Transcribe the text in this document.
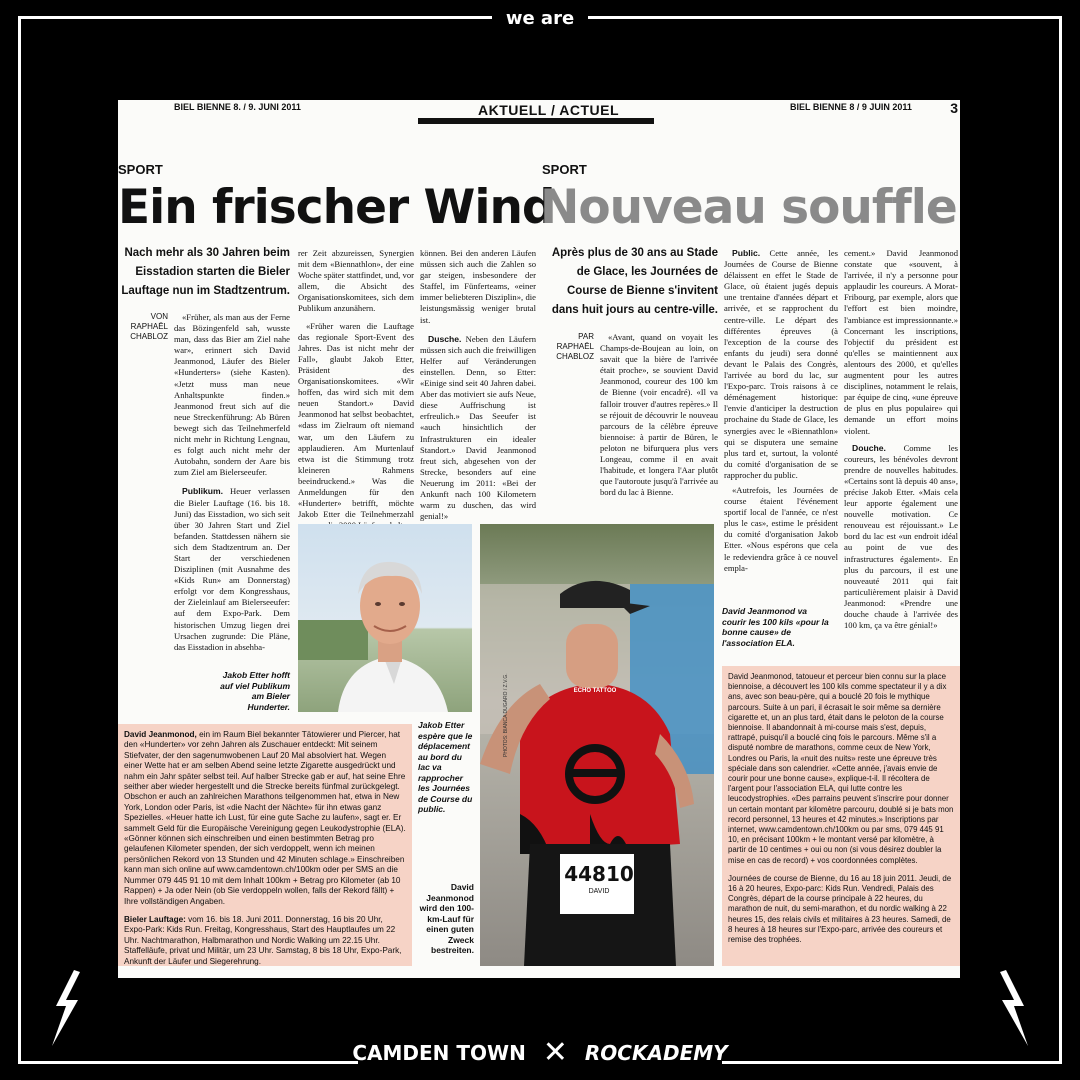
we are
CAMDEN TOWN ✕ ROCKADEMY
BIEL BIENNE 8. / 9. JUNI 2011	AKTUELL / ACTUEL	BIEL BIENNE 8 / 9 JUIN 2011	3
SPORT
Ein frischer Wind
SPORT
Nouveau souffle
Nach mehr als 30 Jahren beim Eisstadion starten die Bieler Lauftage nun im Stadtzentrum.
VON
RAPHAËL CHABLOZ

«Früher, als man aus der Ferne das Bözingenfeld sah, wusste man, dass das Bier am Ziel nahe war», erinnert sich David Jeanmonod, Läufer des Bieler «Hunderters» (siehe Kasten). «Jetzt muss man neue Anhaltspunkte finden.» Jeanmonod freut sich auf die neue Streckenführung: Ab Büren bewegt sich das Teilnehmerfeld nicht mehr in Richtung Lengnau, es folgt auch nicht mehr der Autobahn, sondern der Aare bis zum Ziel am Bielerseeufer.

Publikum. Heuer verlassen die Bieler Lauftage (16. bis 18. Juni) das Eisstadion, wo sich seit über 30 Jahren Start und Ziel befanden. Stattdessen nähern sie sich dem Stadtzentrum an. Der Start der verschiedenen Disziplinen (mit Ausnahme des «Kids Run» am Donnerstag) erfolgt vor dem Kongresshaus, der Zieleinlauf am Bielerseeufer: auf dem Expo-Park. Dem historischen Umzug liegen drei Ursachen zugrunde: Die Pläne, das Eisstadion in absehba-

rer Zeit abzureissen, Synergien mit dem «Biennathlon», der eine Woche später stattfindet, und, vor allem, die Absicht des Organisationskomitees, sich dem Publikum anzunähern.

«Früher waren die Lauftage das regionale Sport-Event des Jahres. Das ist nicht mehr der Fall», glaubt Jakob Etter, Präsident des Organisationskomitees. «Wir hoffen, das wird sich mit dem neuen Standort.» David Jeanmonod hat selbst beobachtet, «dass im Zielraum oft niemand war, um den Läufern zu applaudieren. Am Murtenlauf etwa ist die Stimmung trotz kleineren Rahmens beeindruckend.» Was die Anmeldungen für den «Hunderter» betrifft, möchte Jakob Etter die Teilnehmerzahl

können. Bei den anderen Läufen müssen sich auch die Zahlen so gar steigen, insbesondere der Staffel, im Fünferteams, «einer immer beliebteren Disziplin», die leistungsmässig weniger brutal ist.

Dusche. Neben den Läufern müssen sich auch die freiwilligen Helfer auf Veränderungen einstellen. Denn, so Etter: «Einige sind seit 40 Jahren dabei. Aber das motiviert sie aufs Neue, diese Auffrischung ist erfreulich.» Das Seeufer ist «auch hinsichtlich der Infrastrukturen ein idealer Standort.» David Jeanmonod freut sich, abgesehen von der Strecke, besonders auf eine Neuerung im 2011: «Bei der Ankunft nach 100 Kilometern warm zu duschen, das wird genial!»

Après plus de 30 ans au Stade de Glace, les Journées de Course de Bienne s'invitent dans huit jours au centre-ville.
PAR
RAPHAËL CHABLOZ

«Avant, quand on voyait les Champs-de-Boujean au loin, on savait que la bière de l'arrivée était proche», se souvient David Jeanmonod, coureur des 100 km de Bienne (voir encadré). «Il va falloir trouver d'autres repères.» Il se réjouit de découvrir le nouveau parcours de la célèbre épreuve biennoise: à partir de Büren, le peloton ne bifurquera plus vers Longeau, comme il en avait l'habitude, et longera l'Aar plutôt que l'autoroute jusqu'à l'arrivée au bord du lac à Bienne.

Public. Cette année, les Journées de Course de Bienne délaissent en effet le Stade de Glace, où étaient jugés depuis une trentaine d'années départ et arrivée, et se rapprochent du centre-ville. Le départ des différentes épreuves (à l'exception de la course des enfants du jeudi) sera donné devant le Palais des Congrès, l'arrivée au bord du lac, sur l'Expo-parc. Trois raisons à ce déménagement historique: l'envie d'anticiper la destruction prochaine du Stade de Glace, les synergies avec le «Biennathlon» qui se disputera une semaine plus tard et, surtout, la volonté du comité d'organisation de se rapprocher du public.

«Autrefois, les Journées de course étaient l'événement sportif local de l'année, ce n'est plus le cas», estime le président du comité d'organisation Jakob Etter. «Nous espérons que cela le redeviendra grâce à ce nouvel empla-

cement.» David Jeanmonod constate que «souvent, à l'arrivée, il n'y a personne pour applaudir les coureurs. A Morat-Fribourg, par exemple, alors que l'effort est bien moindre, l'ambiance est impressionnante.» Concernant les inscriptions, l'objectif du président est qu'elles se maintiennent aux alentours des 2000, et qu'elles augmentent pour les autres disciplines, notamment le relais, par équipe de cinq, «une épreuve de plus en plus populaire» qui demande un effort moins violent.

Douche. Comme les coureurs, les bénévoles devront prendre de nouvelles habitudes. «Certains sont là depuis 40 ans», précise Jakob Etter. «Mais cela leur apporte également une nouvelle motivation. Ce renouveau est réjouissant.» Le bord du lac est «un endroit idéal au point de vue des infrastructures également». En plus du parcours, il est une nouveauté 2011 qui fait particulièrement plaisir à David Jeanmonod: «Prendre une douche chaude à l'arrivée des 100 km, ça va être génial!»

Jakob Etter hofft auf viel Publikum am Bieler Hunderter.
44810
DAVID
ECHO TATTOO
PHOTOS: BIANCA DUGARO / Z.V.G.
David Jeanmonod va courir les 100 kils «pour la bonne cause» de l'association ELA.

David Jeanmonod, ein im Raum Biel bekannter Tätowierer und Piercer, hat den «Hunderter» vor zehn Jahren als Zuschauer entdeckt: Mit seinem Stiefvater, der den sagenumwobenen Lauf 20 Mal absolviert hat. Wegen einer Wette hat er am selben Abend seine letzte Zigarette ausgedrückt und nahm ein Jahr später selbst teil. Auf halber Strecke gab er auf, hat seine Ehre seither aber wieder hergestellt und die Strecke bereits fünfmal zurückgelegt. Obschon er auch an zahlreichen Marathons teilgenommen hat, etwa in New York, London oder Paris, ist «die Nacht der Nächte» für ihn etwas ganz Spezielles. «Heuer hatte ich Lust, für eine gute Sache zu laufen», sagt er. Er sammelt Geld für die Europäische Vereinigung gegen Leukodystrophie (ELA). «Gönner können sich einschreiben und einen bestimmten Betrag pro gelaufenen Kilometer spenden, der sich verdoppelt, wenn ich meinen persönlichen Rekord von 13 Stunden und 42 Minuten schlage.» Einschreiben kann man sich online auf www.camdentown.ch/100km oder per SMS an die Nummer 079 445 91 10 mit dem Inhalt 100km + Betrag pro Kilometer (ab 10 Rappen) + Ja oder Nein (ob Sie verdoppeln wollen, falls der Rekord fällt) + Ihre vollständigen Angaben.

Bieler Lauftage: vom 16. bis 18. Juni 2011. Donnerstag, 16 bis 20 Uhr, Expo-Park: Kids Run. Freitag, Kongresshaus, Start des Hauptlaufes um 22 Uhr. Nachtmarathon, Halbmarathon und Nordic Walking um 22.15 Uhr. Staffelläufe, privat und Militär, um 23 Uhr. Samstag, 8 bis 18 Uhr, Expo-Park, Ankunft der Läufer und Siegerehrung.

Jakob Etter espère que le déplacement au bord du lac va rapprocher les Journées de Course du public.
David Jeanmonod wird den 100-km-Lauf für einen guten Zweck bestreiten.

David Jeanmonod, tatoueur et perceur bien connu sur la place biennoise, a découvert les 100 kils comme spectateur il y a dix ans, avec son beau-père, qui a bouclé 20 fois le mythique parcours. Suite à un pari, il écrasait le soir même sa dernière cigarette et, un an plus tard, était dans le peloton de la course biennoise. Il abandonnait à mi-course mais s'est, depuis, rattrapé, puisqu'il a bouclé cinq fois le parcours. Même s'il a disputé nombre de marathons, comme ceux de New York, Londres ou Paris, la «nuit des nuits» reste une épreuve très spéciale dans son calendrier. «Cette année, j'avais envie de courir pour une bonne cause», explique-t-il. Il récoltera de l'argent pour l'association ELA, qui lutte contre les leucodystrophies. «Des parrains peuvent s'inscrire pour donner un certain montant par kilomètre parcouru, doublé si je bats mon record personnel, 13 heures et 42 minutes.» Inscriptions par internet, www.camdentown.ch/100km ou par sms, 079 445 91 10, en précisant 100km + le montant versé par kilomètre, à partir de 10 centimes + oui ou non (si vous désirez doubler la mise en cas de record) + vos coordonnées complètes.

Journées de course de Bienne, du 16 au 18 juin 2011. Jeudi, de 16 à 20 heures, Expo-parc: Kids Run. Vendredi, Palais des Congrès, départ de la course principale à 22 heures, du marathon de nuit, du semi-marathon, et du nordic walking à 22 heures 15, des relais civils et militaires à 23 heures. Samedi, de 8 heures à 18 heures sur l'Expo-parc, arrivée des coureurs et remise des trophées.
